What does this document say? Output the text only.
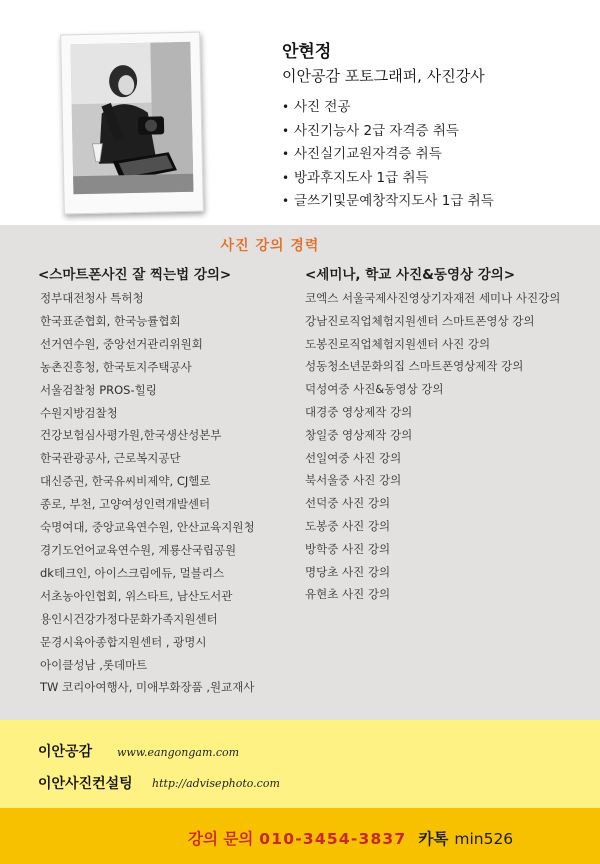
안현정
이안공감 포토그래퍼, 사진강사
• 사진 전공
• 사진기능사 2급 자격증 취득
• 사진실기교원자격증 취득
• 방과후지도사 1급 취득
• 글쓰기및문예창작지도사 1급 취득
사진 강의 경력
<스마트폰사진 잘 찍는법 강의>
정부대전청사 특허청
한국표준협회, 한국능률협회
선거연수원, 중앙선거관리위원회
농촌진흥청, 한국토지주택공사
서울검찰청 PROS-힐링
수원지방검찰청
건강보험심사평가원,한국생산성본부
한국관광공사, 근로복지공단
대신증권, 한국유씨비제약, CJ헬로
종로, 부천, 고양여성인력개발센터
숙명여대, 중앙교육연수원, 안산교육지원청
경기도언어교육연수원, 계룡산국립공원
dk테크인, 아이스크림에듀, 멀블리스
서초농아인협회, 위스타트, 남산도서관
용인시건강가정다문화가족지원센터
문경시육아종합지원센터 , 광명시
아이클성남 ,롯데마트
TW 코리아여행사, 미애부화장품 ,원교재사
<세미나, 학교 사진&동영상 강의>
코엑스 서울국제사진영상기자재전 세미나 사진강의
강남진로직업체험지원센터 스마트폰영상 강의
도봉진로직업체험지원센터 사진 강의
성동청소년문화의집 스마트폰영상제작 강의
덕성여중 사진&동영상 강의
대경중 영상제작 강의
창일중 영상제작 강의
선일여중 사진 강의
북서울중 사진 강의
선덕중 사진 강의
도봉중 사진 강의
방학중 사진 강의
명당초 사진 강의
유현초 사진 강의
이안공감 www.eangongam.com
이안사진컨설팅 http://advisephoto.com
강의 문의 010-3454-3837 카톡 min526
